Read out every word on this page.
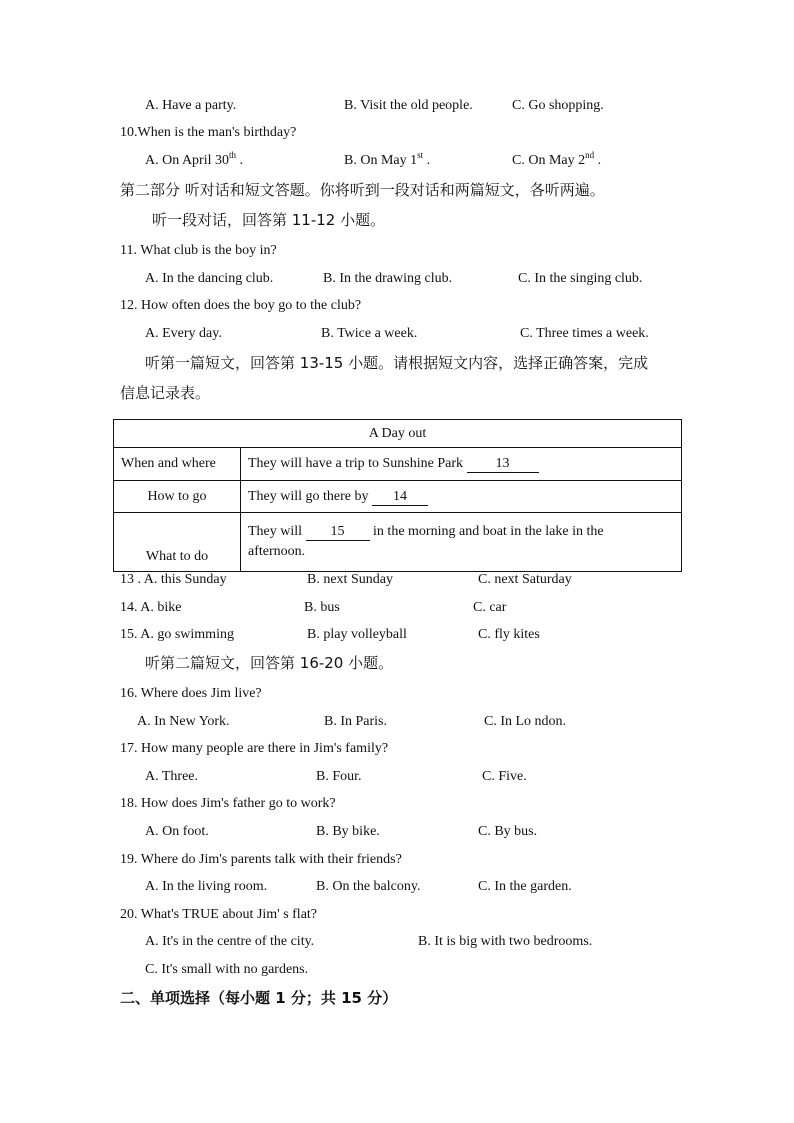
A. Have a party.	B. Visit the old people.	C. Go shopping.
10.When is the man's birthday?
A. On April 30th .	B. On May 1st .	C. On May 2nd .
第二部分 听对话和短文答题。你将听到一段对话和两篇短文，各听两遍。
听一段对话，回答第 11-12 小题。
11. What club is the boy in?
A. In the dancing club.	B. In the drawing club.	C. In the singing club.
12. How often does the boy go to the club?
A. Every day.	B. Twice a week.	C. Three times a week.
听第一篇短文，回答第 13-15 小题。请根据短文内容，选择正确答案，完成
信息记录表。
A Day out	
When and where	They will have a trip to Sunshine Park 13
How to go	They will go there by 14
What to do	They will 15 in the morning and boat in the lake in the
afternoon.
13 . A. this Sunday	B. next Sunday	C. next Saturday
14. A. bike	B. bus	C. car
15. A. go swimming	B. play volleyball	C. fly kites
听第二篇短文，回答第 16-20 小题。
16. Where does Jim live?
A. In New York.	B. In Paris.	C. In Lo ndon.
17. How many people are there in Jim's family?
A. Three.	B. Four.	C. Five.
18. How does Jim's father go to work?
A. On foot.	B. By bike.	C. By bus.
19. Where do Jim's parents talk with their friends?
A. In the living room.	B. On the balcony.	C. In the garden.
20. What's TRUE about Jim' s flat?
A. It's in the centre of the city.	B. It is big with two bedrooms.
C. It's small with no gardens.
二、单项选择（每小题 1 分；共 15 分）
